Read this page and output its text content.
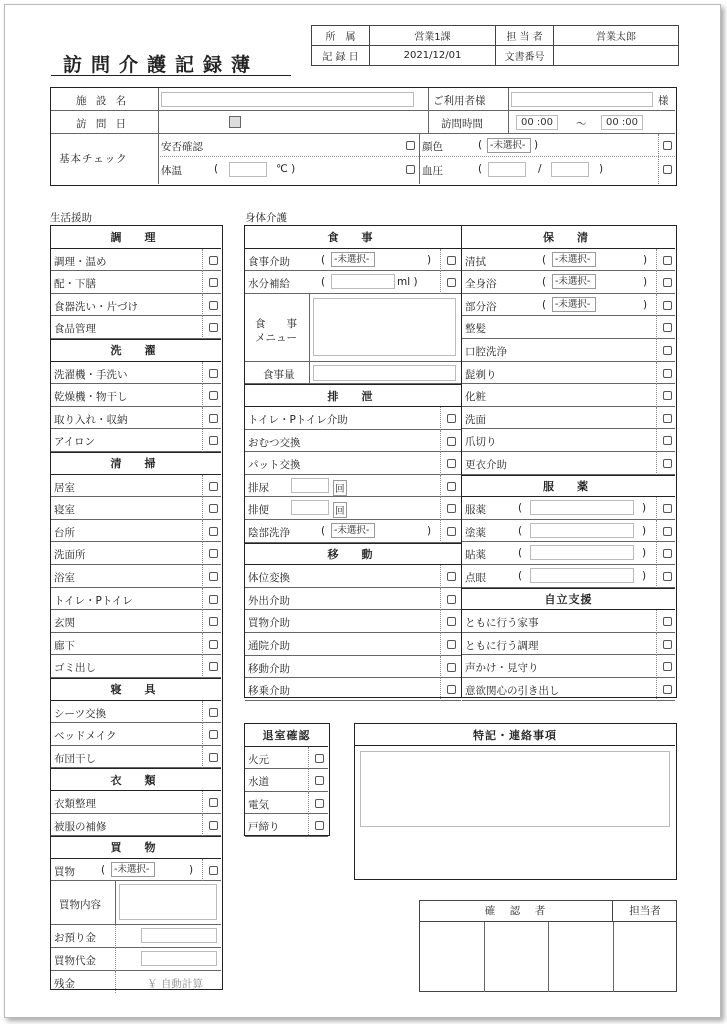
訪問介護記録薄
所　属	営業1課	担 当 者	営業太郎
記 録 日	2021/12/01	文書番号	
施 設 名	ご利用者様	様
訪 問 日	訪問時間	00 :00	～	00 :00
基本チェック
安否確認
体温	(	℃ )
顔色	( -未選択- )
血圧	(	/	)
生活援助	身体介護
調　理
調理・温め
配・下膳
食器洗い・片づけ
食品管理
洗　濯
洗濯機・手洗い
乾燥機・物干し
取り入れ・収納
アイロン
清　掃
居室
寝室
台所
洗面所
浴室
トイレ・Pトイレ
玄関
廊下
ゴミ出し
寝　具
シーツ交換
ベッドメイク
布団干し
衣　類
衣類整理
被服の補修
買　物
買物 ( -未選択-	)
買物内容
お預り金
買物代金
残金	￥ 自動計算
食　事
食事介助	( -未選択-	)
水分補給	(	ml )
食　　事
メニュー
食事量
排　泄
トイレ・Pトイレ介助
おむつ交換
パット交換
排尿	回
排便	回
陰部洗浄	( -未選択-	)
移　動
体位変換
外出介助
買物介助
通院介助
移動介助
移乗介助
保　清
清拭	( -未選択-	)
全身浴	( -未選択-	)
部分浴	( -未選択-	)
整髪
口腔洗浄
髭剃り
化粧
洗面
爪切り
更衣介助
服　薬
服薬	(	)
塗薬	(	)
貼薬	(	)
点眼	(	)
自立支援
ともに行う家事
ともに行う調理
声かけ・見守り
意欲関心の引き出し
退室確認
火元
水道
電気
戸締り
特記・連絡事項
確　認　者	担当者
